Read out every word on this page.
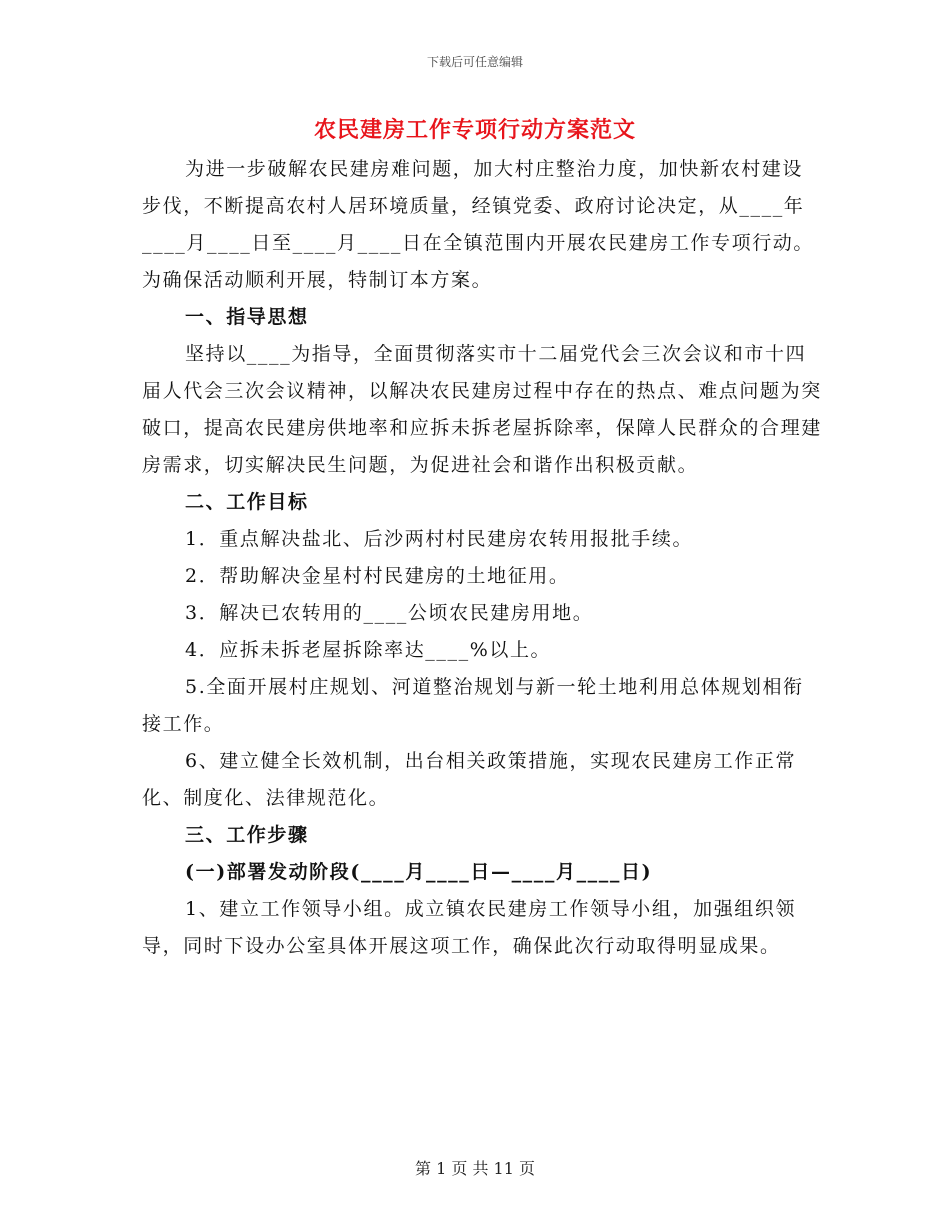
下载后可任意编辑
农民建房工作专项行动方案范文

为进一步破解农民建房难问题，加大村庄整治力度，加快新农村建设步伐，不断提高农村人居环境质量，经镇党委、政府讨论决定，从____年____月____日至____月____日在全镇范围内开展农民建房工作专项行动。为确保活动顺利开展，特制订本方案。

一、指导思想

坚持以____为指导，全面贯彻落实市十二届党代会三次会议和市十四届人代会三次会议精神，以解决农民建房过程中存在的热点、难点问题为突破口，提高农民建房供地率和应拆未拆老屋拆除率，保障人民群众的合理建房需求，切实解决民生问题，为促进社会和谐作出积极贡献。

二、工作目标

1．重点解决盐北、后沙两村村民建房农转用报批手续。

2．帮助解决金星村村民建房的土地征用。

3．解决已农转用的____公顷农民建房用地。

4．应拆未拆老屋拆除率达____%以上。

5.全面开展村庄规划、河道整治规划与新一轮土地利用总体规划相衔接工作。

6、建立健全长效机制，出台相关政策措施，实现农民建房工作正常化、制度化、法律规范化。

三、工作步骤

(一)部署发动阶段(____月____日—____月____日)

1、建立工作领导小组。成立镇农民建房工作领导小组，加强组织领导，同时下设办公室具体开展这项工作，确保此次行动取得明显成果。

第 1 页 共 11 页
